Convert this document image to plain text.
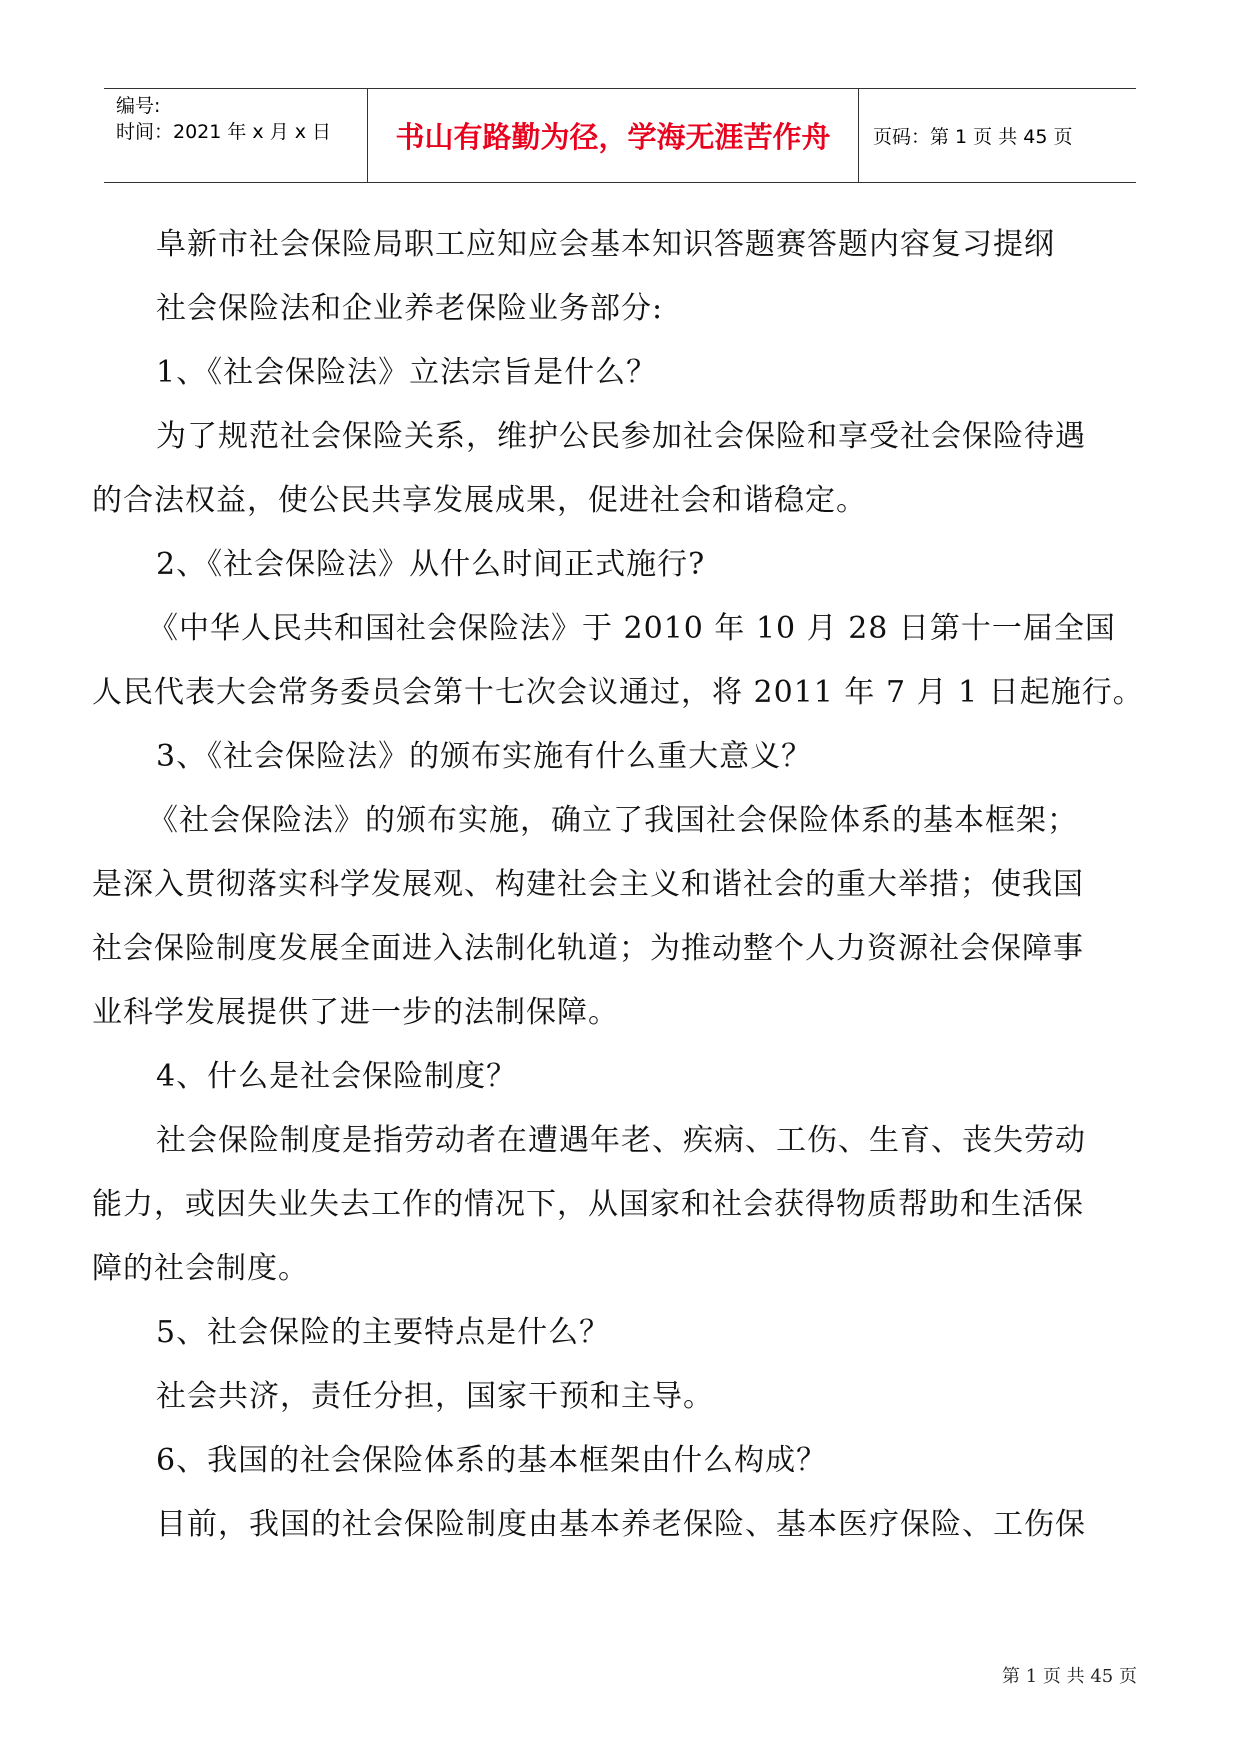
编号:
时间：2021 年 x 月 x 日	书山有路勤为径，学海无涯苦作舟 页码：第 1 页 共 45 页
阜新市社会保险局职工应知应会基本知识答题赛答题内容复习提纲
社会保险法和企业养老保险业务部分:
1、《社会保险法》立法宗旨是什么？
为了规范社会保险关系，维护公民参加社会保险和享受社会保险待遇
的合法权益，使公民共享发展成果，促进社会和谐稳定。
2、《社会保险法》从什么时间正式施行?
《中华人民共和国社会保险法》于 2010 年 10 月 28 日第十一届全国
人民代表大会常务委员会第十七次会议通过，将 2011 年 7 月 1 日起施行。
3、《社会保险法》的颁布实施有什么重大意义？
《社会保险法》的颁布实施，确立了我国社会保险体系的基本框架；
是深入贯彻落实科学发展观、构建社会主义和谐社会的重大举措；使我国
社会保险制度发展全面进入法制化轨道；为推动整个人力资源社会保障事
业科学发展提供了进一步的法制保障。
4、什么是社会保险制度？
社会保险制度是指劳动者在遭遇年老、疾病、工伤、生育、丧失劳动
能力，或因失业失去工作的情况下，从国家和社会获得物质帮助和生活保
障的社会制度。
5、社会保险的主要特点是什么？
社会共济，责任分担，国家干预和主导。
6、我国的社会保险体系的基本框架由什么构成？
目前，我国的社会保险制度由基本养老保险、基本医疗保险、工伤保
第 1 页 共 45 页
